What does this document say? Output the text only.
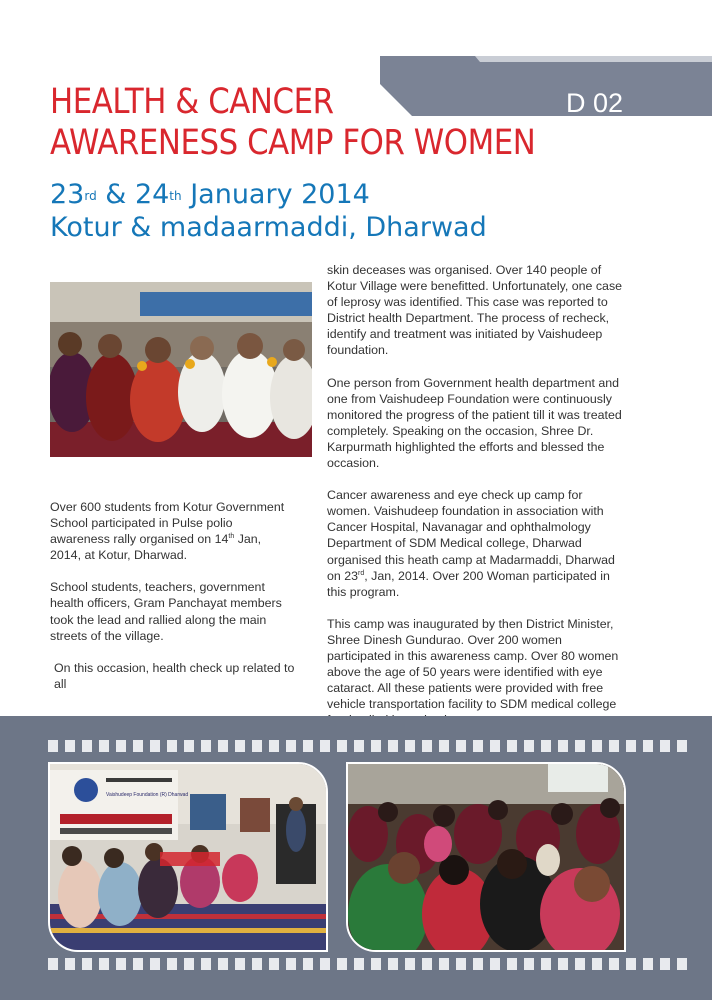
D 02
HEALTH & CANCER
AWARENESS CAMP FOR WOMEN
23rd & 24th January 2014
Kotur & madaarmaddi, Dharwad

Over 600 students from Kotur Government School participated in Pulse polio awareness rally organised on 14th Jan, 2014, at Kotur, Dharwad.

School students, teachers, government health officers, Gram Panchayat members took the lead and rallied along the main streets of the village.

On this occasion, health check up related to all

skin deceases was organised. Over 140 people of Kotur Village were benefitted. Unfortunately, one case of leprosy was identified. This case was reported to District health Department. The process of recheck, identify and treatment was initiated by Vaishudeep foundation.

One person from Government health department and one from Vaishudeep Foundation were continuously monitored the progress of the patient till it was treated completely. Speaking on the occasion, Shree Dr. Karpurmath highlighted the efforts and blessed the occasion.

Cancer awareness and eye check up camp for women. Vaishudeep foundation in association with Cancer Hospital, Navanagar and ophthalmology Department of SDM Medical college, Dharwad organised this heath camp at Madarmaddi, Dharwad on 23rd, Jan, 2014. Over 200 Woman participated in this program.

This camp was inaugurated by then District Minister, Shree Dinesh Gundurao. Over 200 women participated in this awareness camp. Over 80 women above the age of 50 years were identified with eye cataract. All these patients were provided with free vehicle transportation facility to SDM medical college

Vaishudeep Foundation (R) Dharwad
